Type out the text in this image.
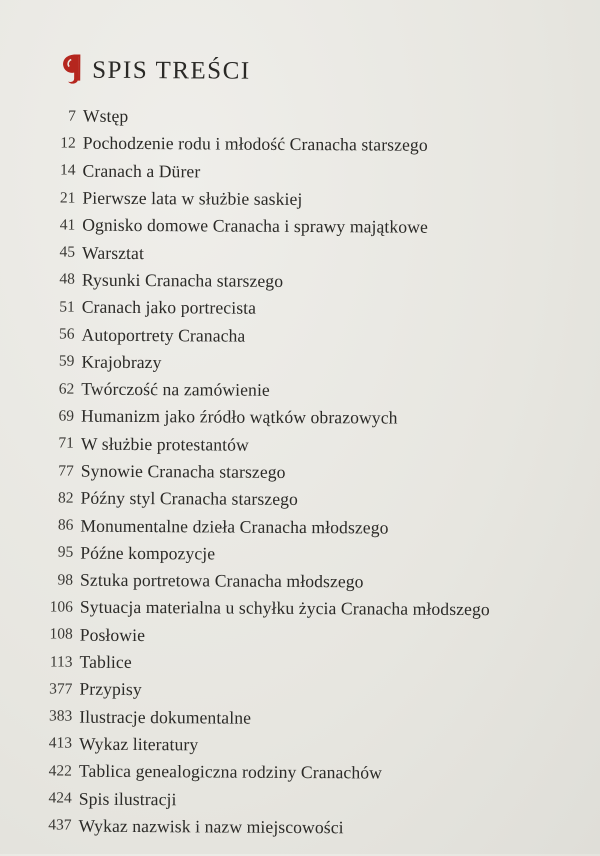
SPIS TREŚCI
7 Wstęp
12 Pochodzenie rodu i młodość Cranacha starszego
14 Cranach a Dürer
21 Pierwsze lata w służbie saskiej
41 Ognisko domowe Cranacha i sprawy majątkowe
45 Warsztat
48 Rysunki Cranacha starszego
51 Cranach jako portrecista
56 Autoportrety Cranacha
59 Krajobrazy
62 Twórczość na zamówienie
69 Humanizm jako źródło wątków obrazowych
71 W służbie protestantów
77 Synowie Cranacha starszego
82 Późny styl Cranacha starszego
86 Monumentalne dzieła Cranacha młodszego
95 Późne kompozycje
98 Sztuka portretowa Cranacha młodszego
106 Sytuacja materialna u schyłku życia Cranacha młodszego
108 Posłowie
113 Tablice
377 Przypisy
383 Ilustracje dokumentalne
413 Wykaz literatury
422 Tablica genealogiczna rodziny Cranachów
424 Spis ilustracji
437 Wykaz nazwisk i nazw miejscowości
